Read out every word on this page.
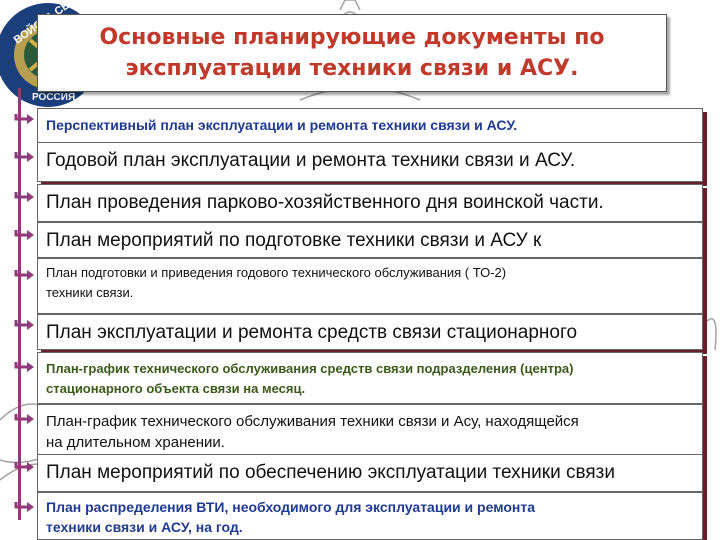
ВОЙСКА СВЯЗИ
РОССИЯ
Основные планирующие документы по
эксплуатации техники связи и АСУ.
Перспективный план эксплуатации и ремонта техники связи и АСУ.
Годовой план эксплуатации и ремонта техники связи и АСУ.
План проведения парково-хозяйственного дня воинской части.
План мероприятий по подготовке техники связи и АСУ к
План подготовки и приведения годового технического обслуживания ( ТО-2)
техники связи.
План эксплуатации и ремонта средств связи стационарного
План-график технического обслуживания средств связи подразделения (центра)
стационарного объекта связи на месяц.
План-график технического обслуживания техники связи и Асу, находящейся
на длительном хранении.
План мероприятий по обеспечению эксплуатации техники связи
План распределения ВТИ, необходимого для эксплуатации и ремонта
техники связи и АСУ, на год.
